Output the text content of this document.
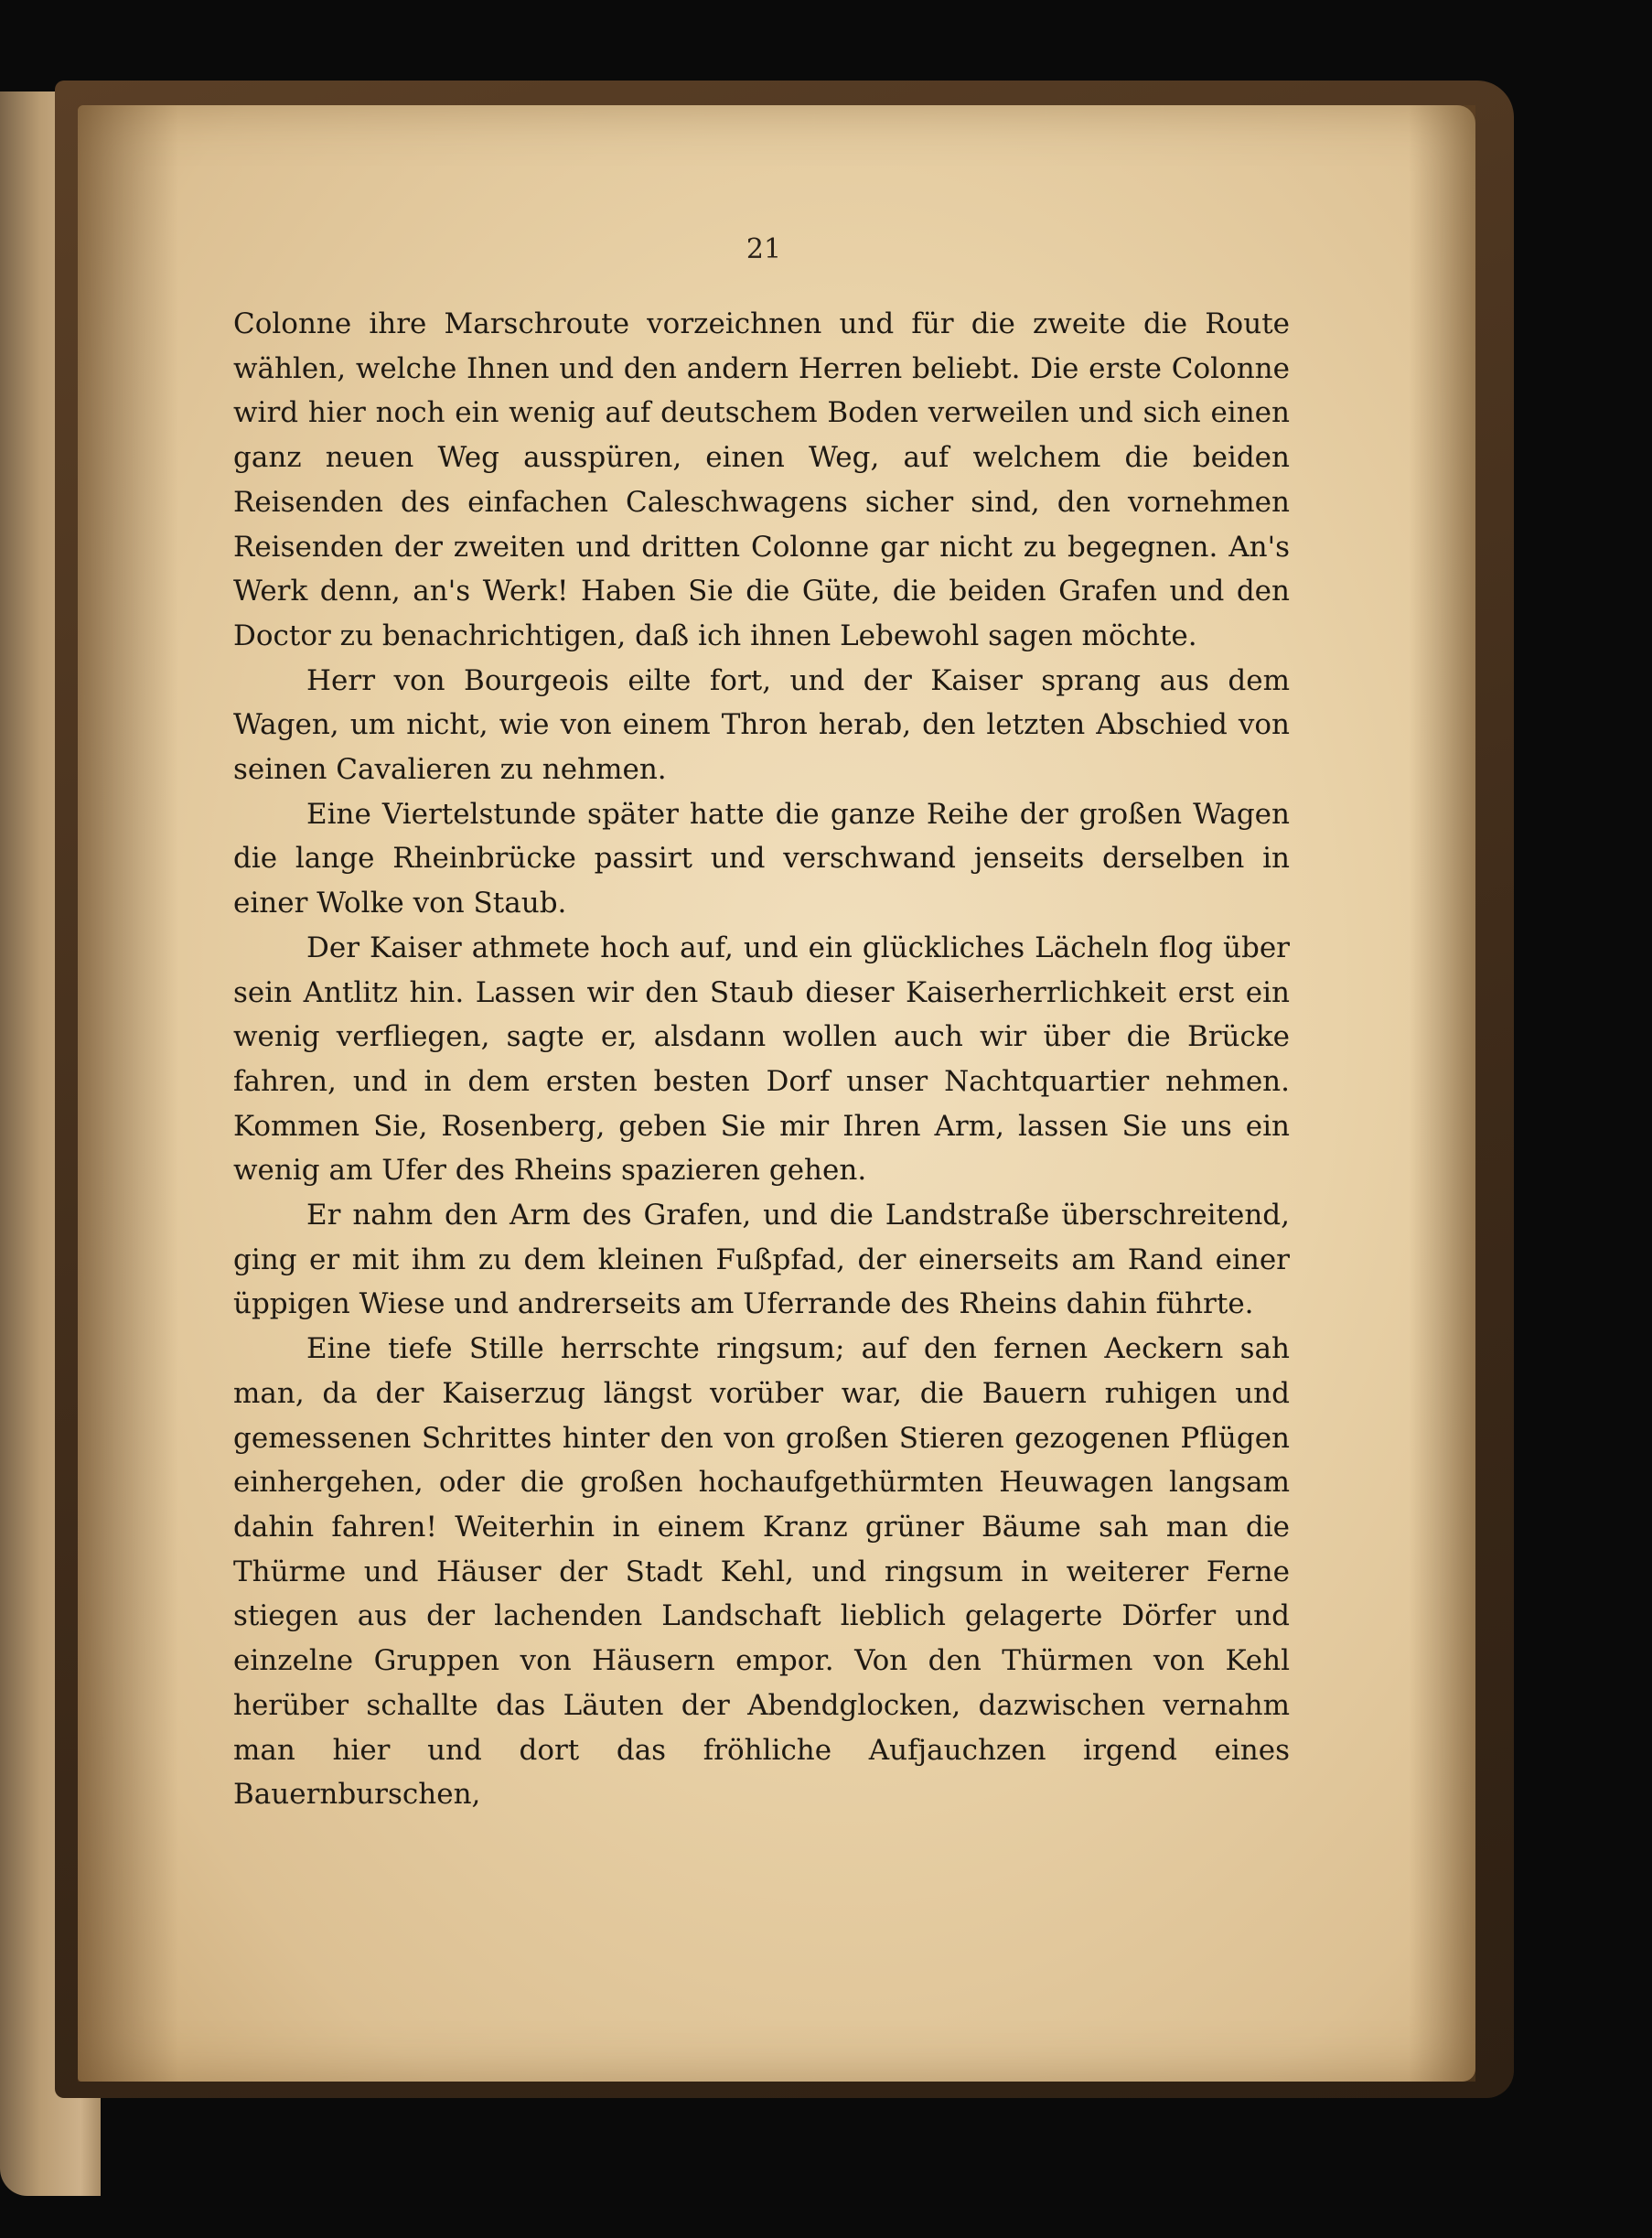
21

Colonne ihre Marschroute vorzeichnen und für die zweite die Route wählen, welche Ihnen und den andern Herren beliebt. Die erste Colonne wird hier noch ein wenig auf deutschem Boden verweilen und sich einen ganz neuen Weg ausspüren, einen Weg, auf welchem die beiden Reisenden des einfachen Caleschwagens sicher sind, den vornehmen Reisenden der zweiten und dritten Colonne gar nicht zu begegnen. An's Werk denn, an's Werk! Haben Sie die Güte, die beiden Grafen und den Doctor zu benachrichtigen, daß ich ihnen Lebewohl sagen möchte.

Herr von Bourgeois eilte fort, und der Kaiser sprang aus dem Wagen, um nicht, wie von einem Thron herab, den letzten Abschied von seinen Cavalieren zu nehmen.

Eine Viertelstunde später hatte die ganze Reihe der großen Wagen die lange Rheinbrücke passirt und verschwand jenseits derselben in einer Wolke von Staub.

Der Kaiser athmete hoch auf, und ein glückliches Lächeln flog über sein Antlitz hin. Lassen wir den Staub dieser Kaiserherrlichkeit erst ein wenig verfliegen, sagte er, alsdann wollen auch wir über die Brücke fahren, und in dem ersten besten Dorf unser Nachtquartier nehmen. Kommen Sie, Rosenberg, geben Sie mir Ihren Arm, lassen Sie uns ein wenig am Ufer des Rheins spazieren gehen.

Er nahm den Arm des Grafen, und die Landstraße überschreitend, ging er mit ihm zu dem kleinen Fußpfad, der einerseits am Rand einer üppigen Wiese und andrerseits am Uferrande des Rheins dahin führte.

Eine tiefe Stille herrschte ringsum; auf den fernen Aeckern sah man, da der Kaiserzug längst vorüber war, die Bauern ruhigen und gemessenen Schrittes hinter den von großen Stieren gezogenen Pflügen einhergehen, oder die großen hochaufgethürmten Heuwagen langsam dahin fahren! Weiterhin in einem Kranz grüner Bäume sah man die Thürme und Häuser der Stadt Kehl, und ringsum in weiterer Ferne stiegen aus der lachenden Landschaft lieblich gelagerte Dörfer und einzelne Gruppen von Häusern empor. Von den Thürmen von Kehl herüber schallte das Läuten der Abendglocken, dazwischen vernahm man hier und dort das fröhliche Aufjauchzen irgend eines Bauernburschen,
